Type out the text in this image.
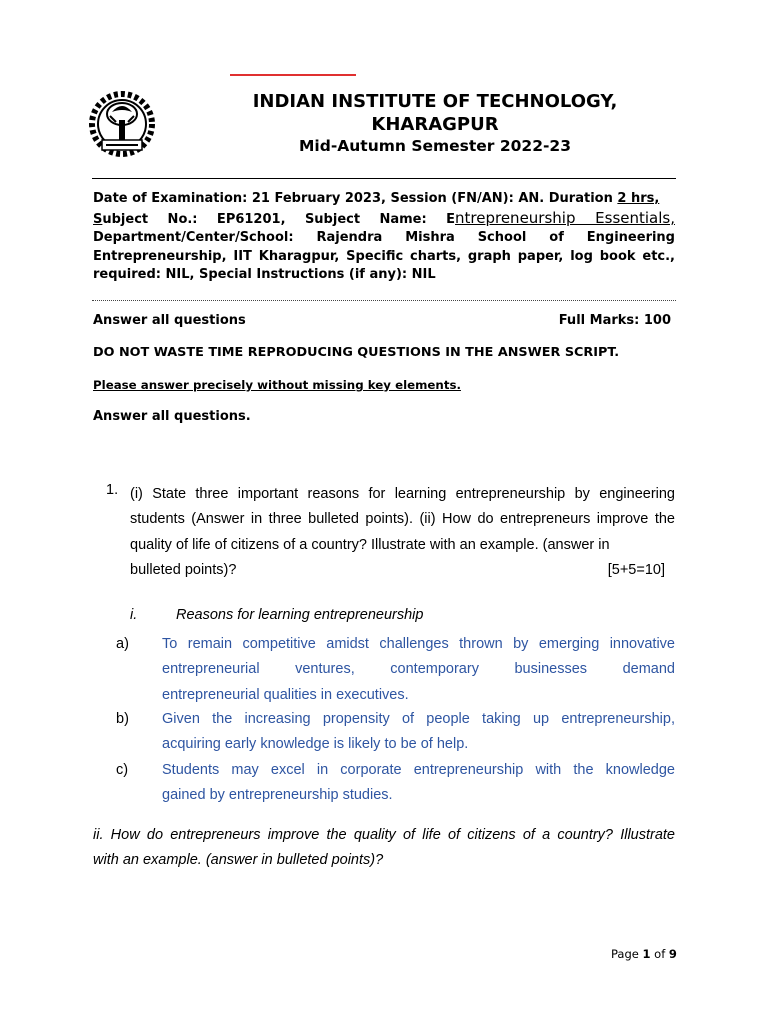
INDIAN INSTITUTE OF TECHNOLOGY,
KHARAGPUR
Mid-Autumn Semester 2022-23
Date of Examination: 21 February 2023, Session (FN/AN): AN. Duration 2 hrs,
Subject No.: EP61201, Subject Name: Entrepreneurship Essentials,
Department/Center/School: Rajendra Mishra School of Engineering
Entrepreneurship, IIT Kharagpur, Specific charts, graph paper, log book etc.,
required: NIL, Special Instructions (if any): NIL
Answer all questions	Full Marks: 100
DO NOT WASTE TIME REPRODUCING QUESTIONS IN THE ANSWER SCRIPT.
Please answer precisely without missing key elements.
Answer all questions.
1. (i) State three important reasons for learning entrepreneurship by engineering students (Answer in three bulleted points). (ii) How do entrepreneurs improve the quality of life of citizens of a country? Illustrate with an example. (answer in
bulleted points)?	[5+5=10]
i.	Reasons for learning entrepreneurship
a) To remain competitive amidst challenges thrown by emerging innovative
entrepreneurial ventures, contemporary businesses demand
entrepreneurial qualities in executives.
b) Given the increasing propensity of people taking up entrepreneurship,
acquiring early knowledge is likely to be of help.
c) Students may excel in corporate entrepreneurship with the knowledge
gained by entrepreneurship studies.
ii. How do entrepreneurs improve the quality of life of citizens of a country? Illustrate
with an example. (answer in bulleted points)?
Page 1 of 9
